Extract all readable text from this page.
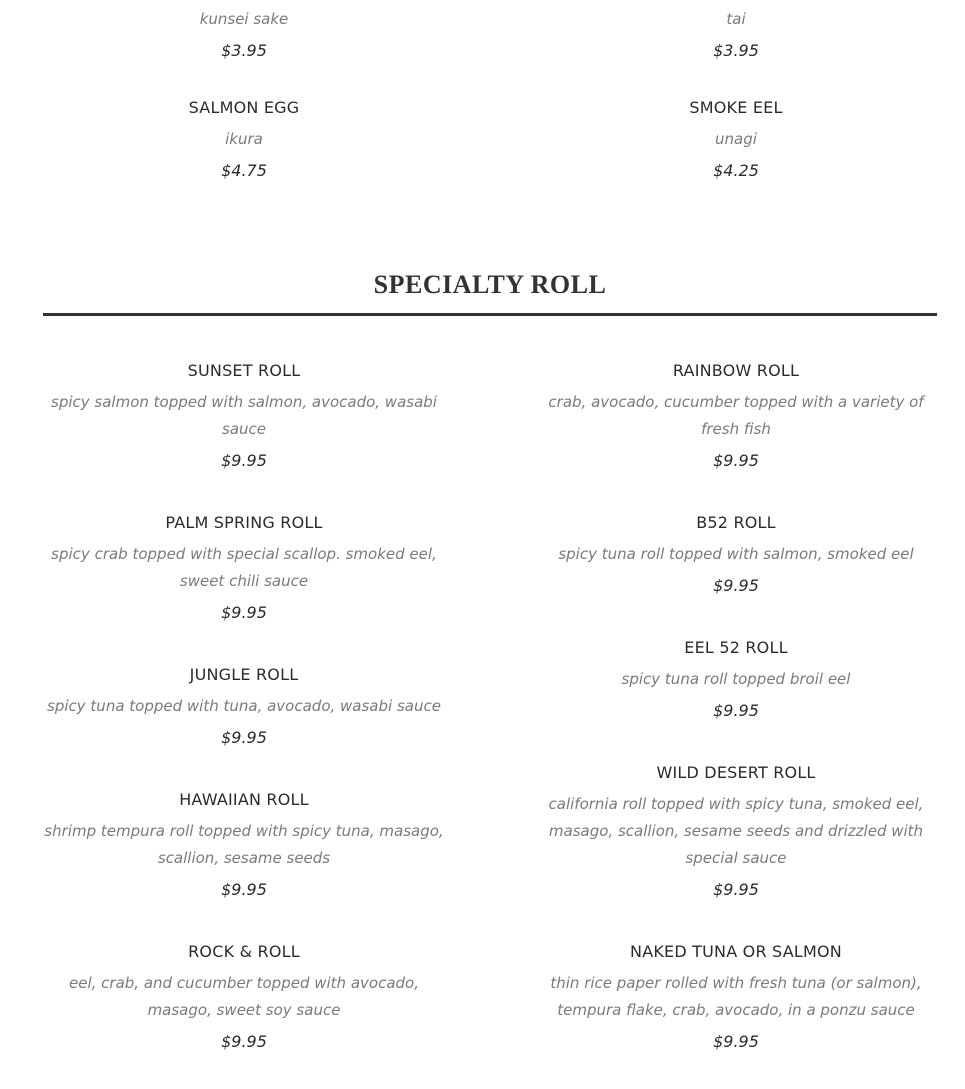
kunsei sake

$3.95

SALMON EGG

ikura

$4.75

tai

$3.95

SMOKE EEL

unagi

$4.25

SPECIALTY ROLL

SUNSET ROLL

spicy salmon topped with salmon, avocado, wasabi sauce

$9.95

PALM SPRING ROLL

spicy crab topped with special scallop. smoked eel, sweet chili sauce

$9.95

JUNGLE ROLL

spicy tuna topped with tuna, avocado, wasabi sauce

$9.95

HAWAIIAN ROLL

shrimp tempura roll topped with spicy tuna, masago, scallion, sesame seeds

$9.95

ROCK & ROLL

eel, crab, and cucumber topped with avocado, masago, sweet soy sauce

$9.95

RAINBOW ROLL

crab, avocado, cucumber topped with a variety of fresh fish

$9.95

B52 ROLL

spicy tuna roll topped with salmon, smoked eel

$9.95

EEL 52 ROLL

spicy tuna roll topped broil eel

$9.95

WILD DESERT ROLL

california roll topped with spicy tuna, smoked eel, masago, scallion, sesame seeds and drizzled with special sauce

$9.95

NAKED TUNA OR SALMON

thin rice paper rolled with fresh tuna (or salmon), tempura flake, crab, avocado, in a ponzu sauce

$9.95
